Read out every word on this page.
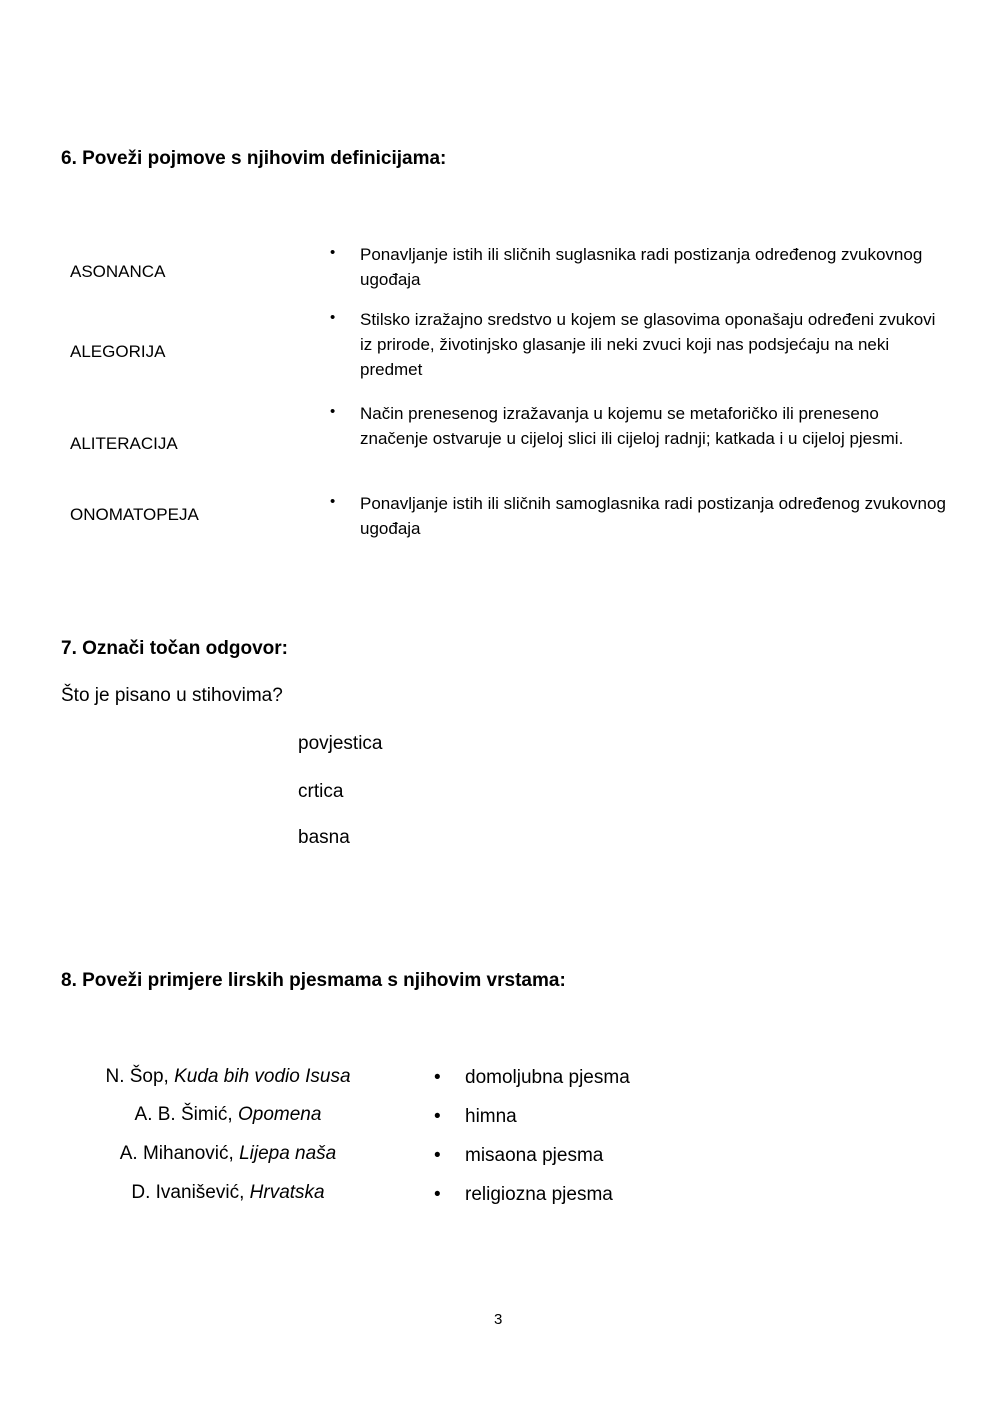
6. Poveži pojmove s njihovim definicijama:
ASONANCA
ALEGORIJA
ALITERACIJA
ONOMATOPEJA
• Ponavljanje istih ili sličnih suglasnika radi postizanja određenog zvukovnog ugođaja
• Stilsko izražajno sredstvo u kojem se glasovima oponašaju određeni zvukovi iz prirode, životinjsko glasanje ili neki zvuci koji nas podsjećaju na neki predmet
• Način prenesenog izražavanja u kojemu se metaforičko ili preneseno značenje ostvaruje u cijeloj slici ili cijeloj radnji; katkada i u cijeloj pjesmi.
• Ponavljanje istih ili sličnih samoglasnika radi postizanja određenog zvukovnog ugođaja
7. Označi točan odgovor:
Što je pisano u stihovima?
povjestica
crtica
basna
8. Poveži primjere lirskih pjesmama s njihovim vrstama:
N. Šop, Kuda bih vodio Isusa
A. B. Šimić, Opomena
A. Mihanović, Lijepa naša
D. Ivanišević, Hrvatska
• domoljubna pjesma
• himna
• misaona pjesma
• religiozna pjesma
3
